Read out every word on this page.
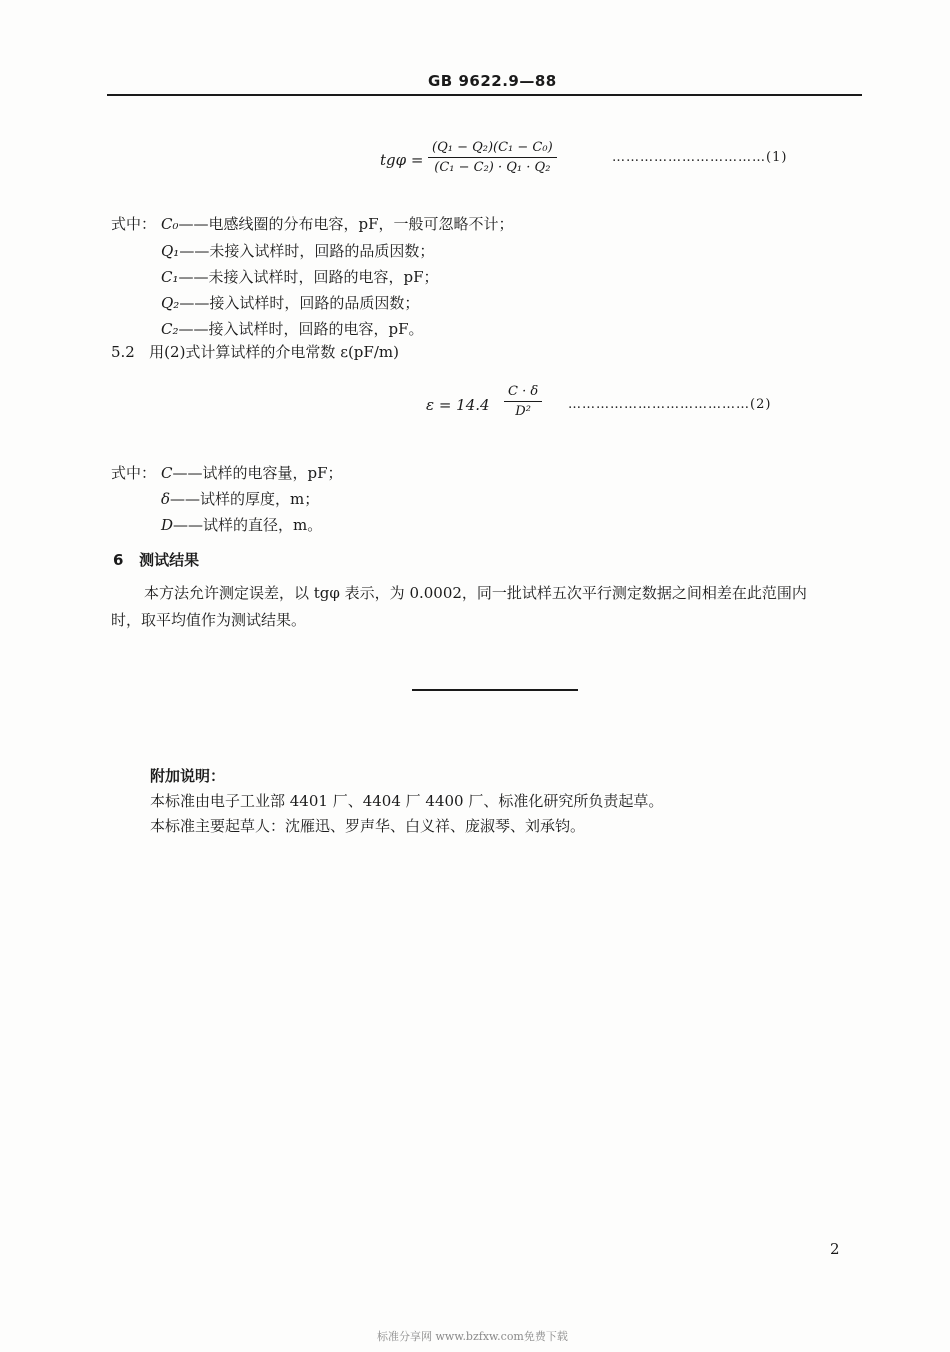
GB 9622.9—88
$tg\varphi = \frac{\text{(Q₁ − Q₂)(C₁ − C₀)}}{\text{(C₁ − C₂) · Q₁ · Q₂}}$	……………………………(1)
式中： C₀——电感线圈的分布电容，pF，一般可忽略不计；
Q₁——未接入试样时，回路的品质因数；
C₁——未接入试样时，回路的电容，pF；
Q₂——接入试样时，回路的品质因数；
C₂——接入试样时，回路的电容，pF。
5.2 用(2)式计算试样的介电常数 ε(pF/m)
$\varepsilon = 14.4 \frac{C \cdot \delta}{\text{D²}}$ …………………………………(2)
式中： C——试样的电容量，pF；
δ——试样的厚度，m；
D——试样的直径，m。
6 测试结果
本方法允许测定误差，以 tgφ 表示，为 0.0002，同一批试样五次平行测定数据之间相差在此范围内
时，取平均值作为测试结果。
附加说明：
本标准由电子工业部 4401 厂、4404 厂 4400 厂、标准化研究所负责起草。
本标准主要起草人：沈雁迅、罗声华、白义祥、庞淑琴、刘承钧。
2
标准分享网 www.bzfxw.com免费下载
